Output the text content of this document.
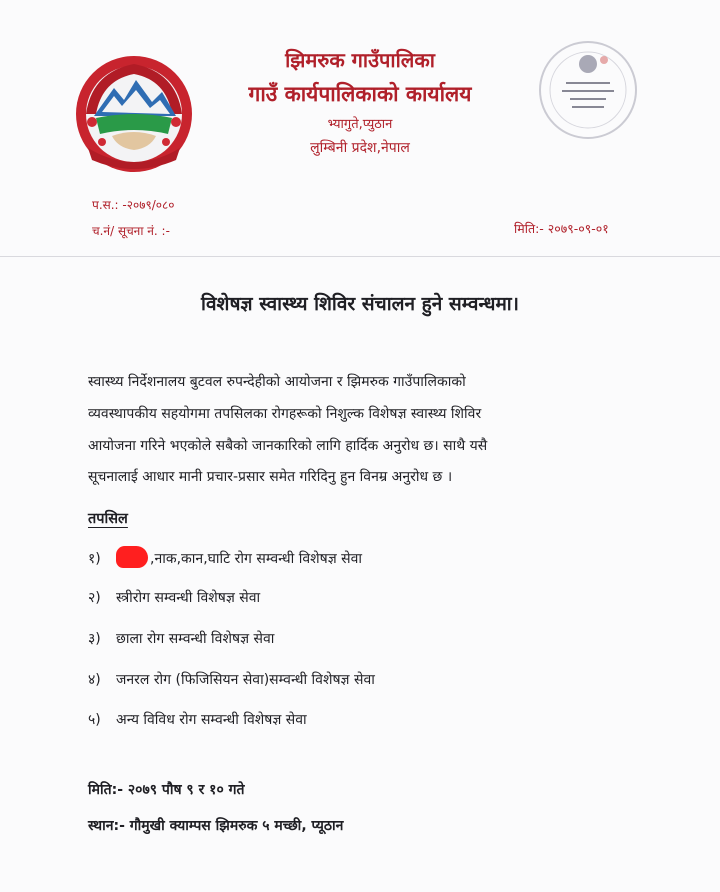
झिमरुक गाउँपालिका
गाउँ कार्यपालिकाको कार्यालय
भ्यागुते,प्युठान
लुम्बिनी प्रदेश,नेपाल
प.स.: -२०७९/०८०
च.नं/ सूचना नं. :-	मिति:- २०७९-०९-०१
विशेषज्ञ स्वास्थ्य शिविर संचालन हुने सम्वन्धमा।
स्वास्थ्य निर्देशनालय बुटवल रुपन्देहीको आयोजना र झिमरुक गाउँपालिकाको
व्यवस्थापकीय सहयोगमा तपसिलका रोगहरूको निशुल्क विशेषज्ञ स्वास्थ्य शिविर
आयोजना गरिने भएकोले सबैको जानकारिको लागि हार्दिक अनुरोध छ। साथै यसै
सूचनालाई आधार मानी प्रचार-प्रसार समेत गरिदिनु हुन विनम्र अनुरोध छ ।
तपसिल
१)	,नाक,कान,घाटि रोग सम्वन्धी विशेषज्ञ सेवा
२) स्त्रीरोग सम्वन्धी विशेषज्ञ सेवा
३) छाला रोग सम्वन्धी विशेषज्ञ सेवा
४) जनरल रोग (फिजिसियन सेवा)सम्वन्धी विशेषज्ञ सेवा
५) अन्य विविध रोग सम्वन्धी विशेषज्ञ सेवा
मिति:- २०७९ पौष ९ र १० गते
स्थान:- गौमुखी क्याम्पस झिमरुक ५ मच्छी, प्यूठान
